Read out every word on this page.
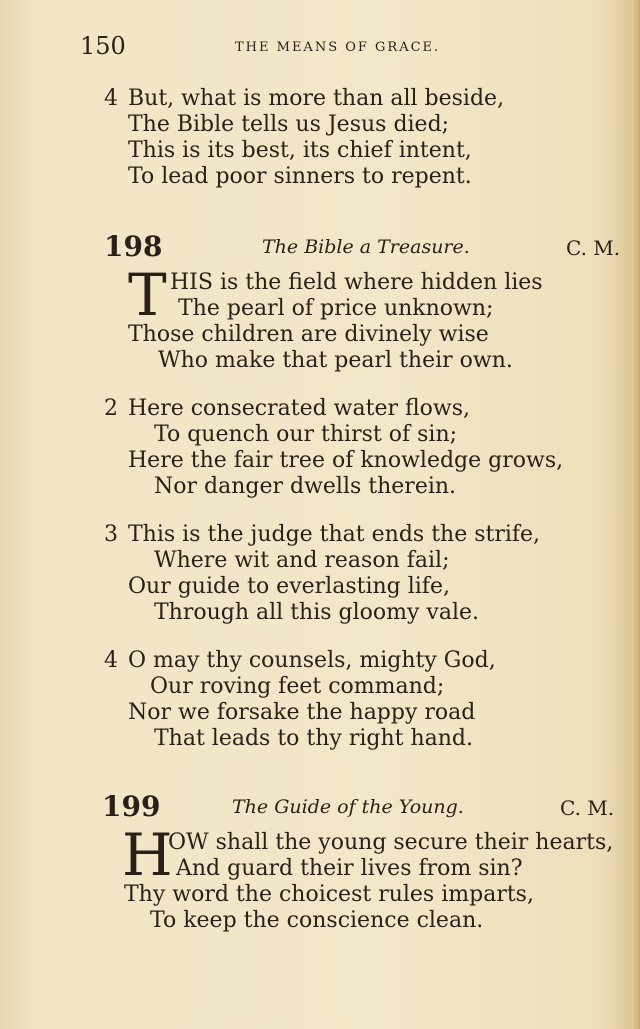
150	THE MEANS OF GRACE.
4 But, what is more than all beside,
The Bible tells us Jesus died;
This is its best, its chief intent,
To lead poor sinners to repent.
198	The Bible a Treasure.	C. M.
T HIS is the field where hidden lies
The pearl of price unknown;
Those children are divinely wise
Who make that pearl their own.
2 Here consecrated water flows,
To quench our thirst of sin;
Here the fair tree of knowledge grows,
Nor danger dwells therein.
3 This is the judge that ends the strife,
Where wit and reason fail;
Our guide to everlasting life,
Through all this gloomy vale.
4 O may thy counsels, mighty God,
Our roving feet command;
Nor we forsake the happy road
That leads to thy right hand.
199	The Guide of the Young.	C. M.
H
OW shall the young secure their hearts,
And guard their lives from sin?
Thy word the choicest rules imparts,
To keep the conscience clean.
